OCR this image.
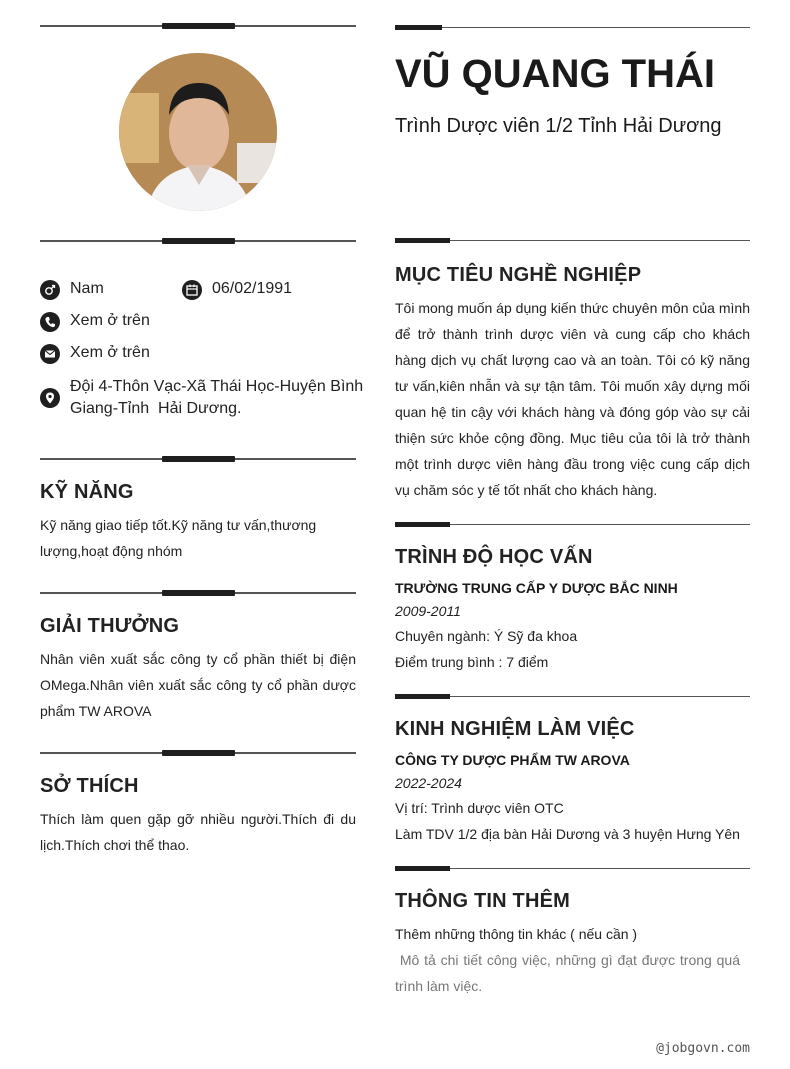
Nam	06/02/1991
Xem ở trên
Xem ở trên
Đội 4-Thôn Vạc-Xã Thái Học-Huyện Bình
Giang-Tỉnh  Hải Dương.
KỸ NĂNG
Kỹ năng giao tiếp tốt.Kỹ năng tư vấn,thương lượng,hoạt động nhóm
GIẢI THƯỞNG
Nhân viên xuất sắc công ty cổ phần thiết bị điện OMega.Nhân viên xuất sắc công ty cổ phần dược phẩm TW AROVA
SỞ THÍCH
Thích làm quen gặp gỡ nhiều người.Thích đi du lịch.Thích chơi thể thao.
VŨ QUANG THÁI
Trình Dược viên 1/2 Tỉnh Hải Dương
MỤC TIÊU NGHỀ NGHIỆP
Tôi mong muốn áp dụng kiến thức chuyên môn của mình để trở thành trình dược viên và cung cấp cho khách hàng dịch vụ chất lượng cao và an toàn. Tôi có kỹ năng tư vấn,kiên nhẫn và sự tận tâm. Tôi muốn xây dựng mối quan hệ tin cậy với khách hàng và đóng góp vào sự cải thiện sức khỏe cộng đồng. Mục tiêu của tôi là trở thành một trình dược viên hàng đầu trong việc cung cấp dịch vụ chăm sóc y tế tốt nhất cho khách hàng.
TRÌNH ĐỘ HỌC VẤN
TRƯỜNG TRUNG CẤP Y DƯỢC BẮC NINH
2009-2011
Chuyên ngành: Ý Sỹ đa khoa
Điểm trung bình : 7 điểm
KINH NGHIỆM LÀM VIỆC
CÔNG TY DƯỢC PHẨM TW AROVA
2022-2024
Vị trí: Trình dược viên OTC
Làm TDV 1/2 địa bàn Hải Dương và 3 huyện Hưng Yên
THÔNG TIN THÊM
Thêm những thông tin khác ( nếu cần )
Mô tả chi tiết công việc, những gì đạt được trong quá trình làm việc.
@jobgovn.com
